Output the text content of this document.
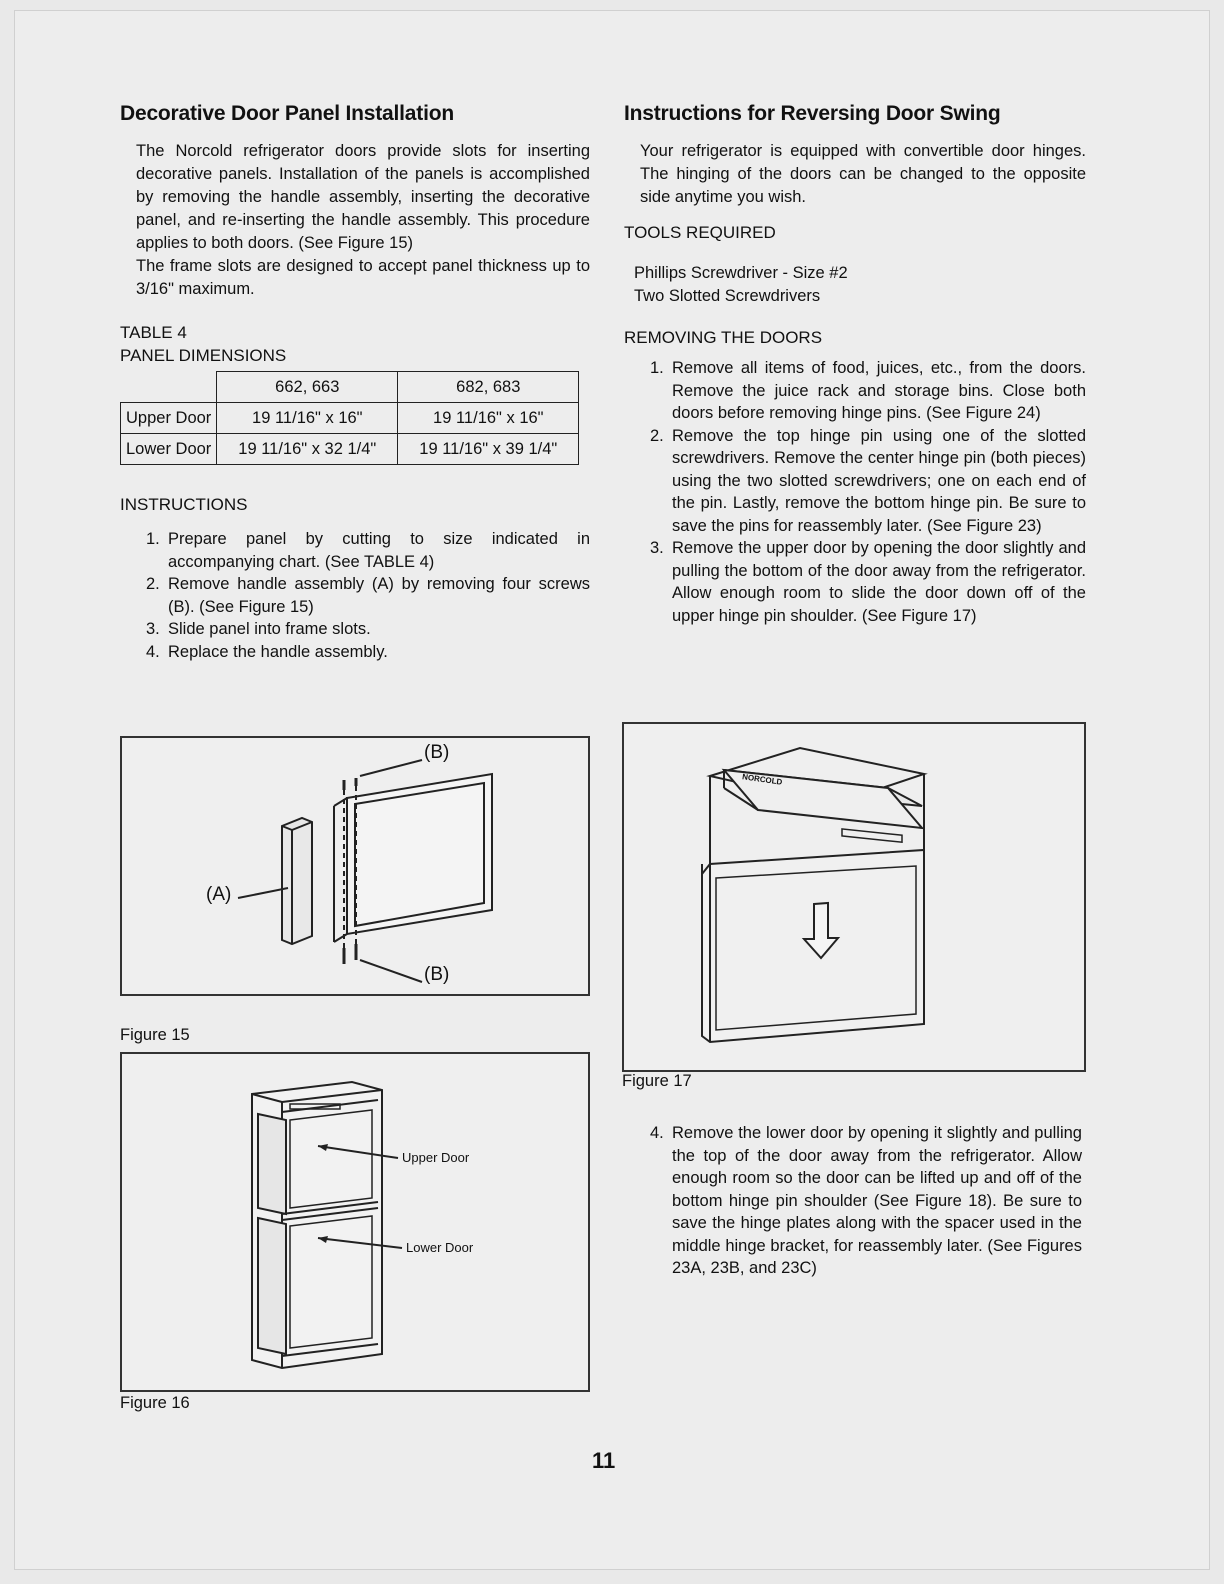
Decorative Door Panel Installation

The Norcold refrigerator doors provide slots for inserting decorative panels. Installation of the panels is accomplished by removing the handle assembly, inserting the decorative panel, and re-inserting the handle assembly. This procedure applies to both doors. (See Figure 15)

The frame slots are designed to accept panel thickness up to 3/16" maximum.

TABLE 4

PANEL DIMENSIONS

	662, 663	682, 683
Upper Door	19 11/16" x 16"	19 11/16" x 16"
Lower Door	19 11/16" x 32 1/4"	19 11/16" x 39 1/4"

INSTRUCTIONS

1. Prepare panel by cutting to size indicated in accompanying chart. (See TABLE 4)
2. Remove handle assembly (A) by removing four screws (B). (See Figure 15)
3. Slide panel into frame slots.
4. Replace the handle assembly.
(B)
(A)
(B)
Figure 15
Upper Door
Lower Door
Figure 16
Instructions for Reversing Door Swing

Your refrigerator is equipped with convertible door hinges. The hinging of the doors can be changed to the opposite side anytime you wish.

TOOLS REQUIRED

Phillips Screwdriver - Size #2

Two Slotted Screwdrivers

REMOVING THE DOORS

1. Remove all items of food, juices, etc., from the doors. Remove the juice rack and storage bins. Close both doors before removing hinge pins. (See Figure 24)
2. Remove the top hinge pin using one of the slotted screwdrivers. Remove the center hinge pin (both pieces) using the two slotted screwdrivers; one on each end of the pin. Lastly, remove the bottom hinge pin. Be sure to save the pins for reassembly later. (See Figure 23)
3. Remove the upper door by opening the door slightly and pulling the bottom of the door away from the refrigerator. Allow enough room to slide the door down off of the upper hinge pin shoulder. (See Figure 17)
NORCOLD
Figure 17
4. Remove the lower door by opening it slightly and pulling the top of the door away from the refrigerator. Allow enough room so the door can be lifted up and off of the bottom hinge pin shoulder (See Figure 18). Be sure to save the hinge plates along with the spacer used in the middle hinge bracket, for reassembly later. (See Figures 23A, 23B, and 23C)
11
